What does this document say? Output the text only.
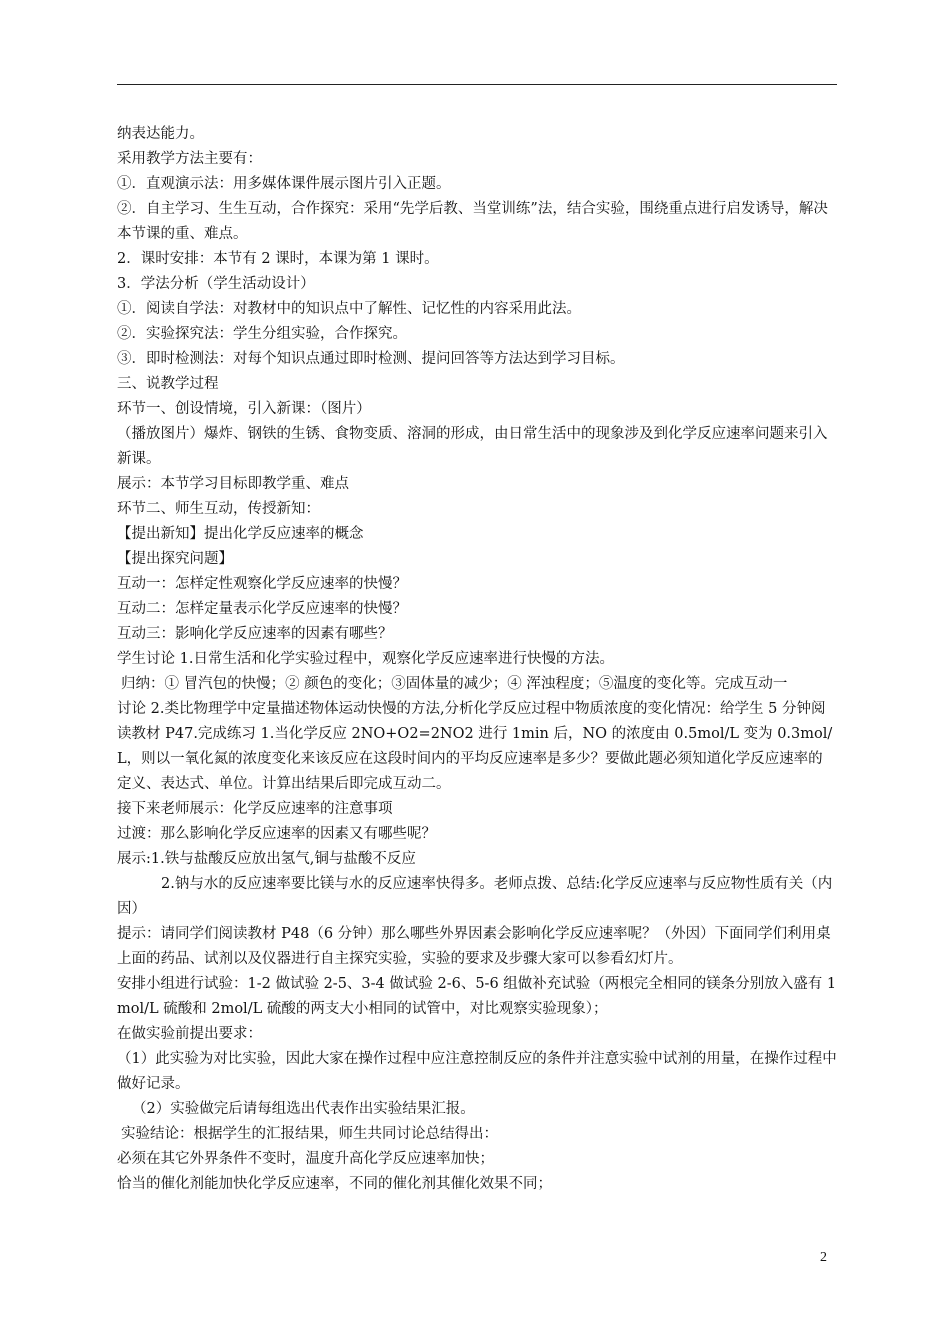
纳表达能力。

采用教学方法主要有：

①．直观演示法：用多媒体课件展示图片引入正题。

②．自主学习、生生互动，合作探究：采用“先学后教、当堂训练”法，结合实验，围绕重点进行启发诱导，解决本节课的重、难点。

2．课时安排：本节有 2 课时，本课为第 1 课时。

3．学法分析（学生活动设计）

①．阅读自学法：对教材中的知识点中了解性、记忆性的内容采用此法。

②．实验探究法：学生分组实验，合作探究。

③．即时检测法：对每个知识点通过即时检测、提问回答等方法达到学习目标。

三、说教学过程

环节一、创设情境，引入新课：（图片）

（播放图片）爆炸、钢铁的生锈、食物变质、溶洞的形成，由日常生活中的现象涉及到化学反应速率问题来引入新课。

展示：本节学习目标即教学重、难点

环节二、师生互动，传授新知：

【提出新知】提出化学反应速率的概念

【提出探究问题】

互动一：怎样定性观察化学反应速率的快慢？

互动二：怎样定量表示化学反应速率的快慢？

互动三：影响化学反应速率的因素有哪些？

学生讨论 1.日常生活和化学实验过程中，观察化学反应速率进行快慢的方法。

归纳：① 冒汽包的快慢；② 颜色的变化；③固体量的减少；④ 浑浊程度；⑤温度的变化等。完成互动一

讨论 2.类比物理学中定量描述物体运动快慢的方法,分析化学反应过程中物质浓度的变化情况：给学生 5 分钟阅读教材 P47.完成练习 1.当化学反应 2NO+O2=2NO2 进行 1min 后，NO 的浓度由 0.5mol/L 变为 0.3mol/L，则以一氧化氮的浓度变化来该反应在这段时间内的平均反应速率是多少？要做此题必须知道化学反应速率的定义、表达式、单位。计算出结果后即完成互动二。

接下来老师展示：化学反应速率的注意事项

过渡：那么影响化学反应速率的因素又有哪些呢？

展示:1.铁与盐酸反应放出氢气,铜与盐酸不反应

2.钠与水的反应速率要比镁与水的反应速率快得多。老师点拨、总结:化学反应速率与反应物性质有关（内因）

提示：请同学们阅读教材 P48（6 分钟）那么哪些外界因素会影响化学反应速率呢？（外因）下面同学们利用桌上面的药品、试剂以及仪器进行自主探究实验，实验的要求及步骤大家可以参看幻灯片。

安排小组进行试验：1-2 做试验 2-5、3-4 做试验 2-6、5-6 组做补充试验（两根完全相同的镁条分别放入盛有 1mol/L 硫酸和 2mol/L 硫酸的两支大小相同的试管中，对比观察实验现象）；

在做实验前提出要求：

（1）此实验为对比实验，因此大家在操作过程中应注意控制反应的条件并注意实验中试剂的用量，在操作过程中做好记录。

（2）实验做完后请每组选出代表作出实验结果汇报。

实验结论：根据学生的汇报结果，师生共同讨论总结得出：

必须在其它外界条件不变时，温度升高化学反应速率加快；

恰当的催化剂能加快化学反应速率，不同的催化剂其催化效果不同；

2
